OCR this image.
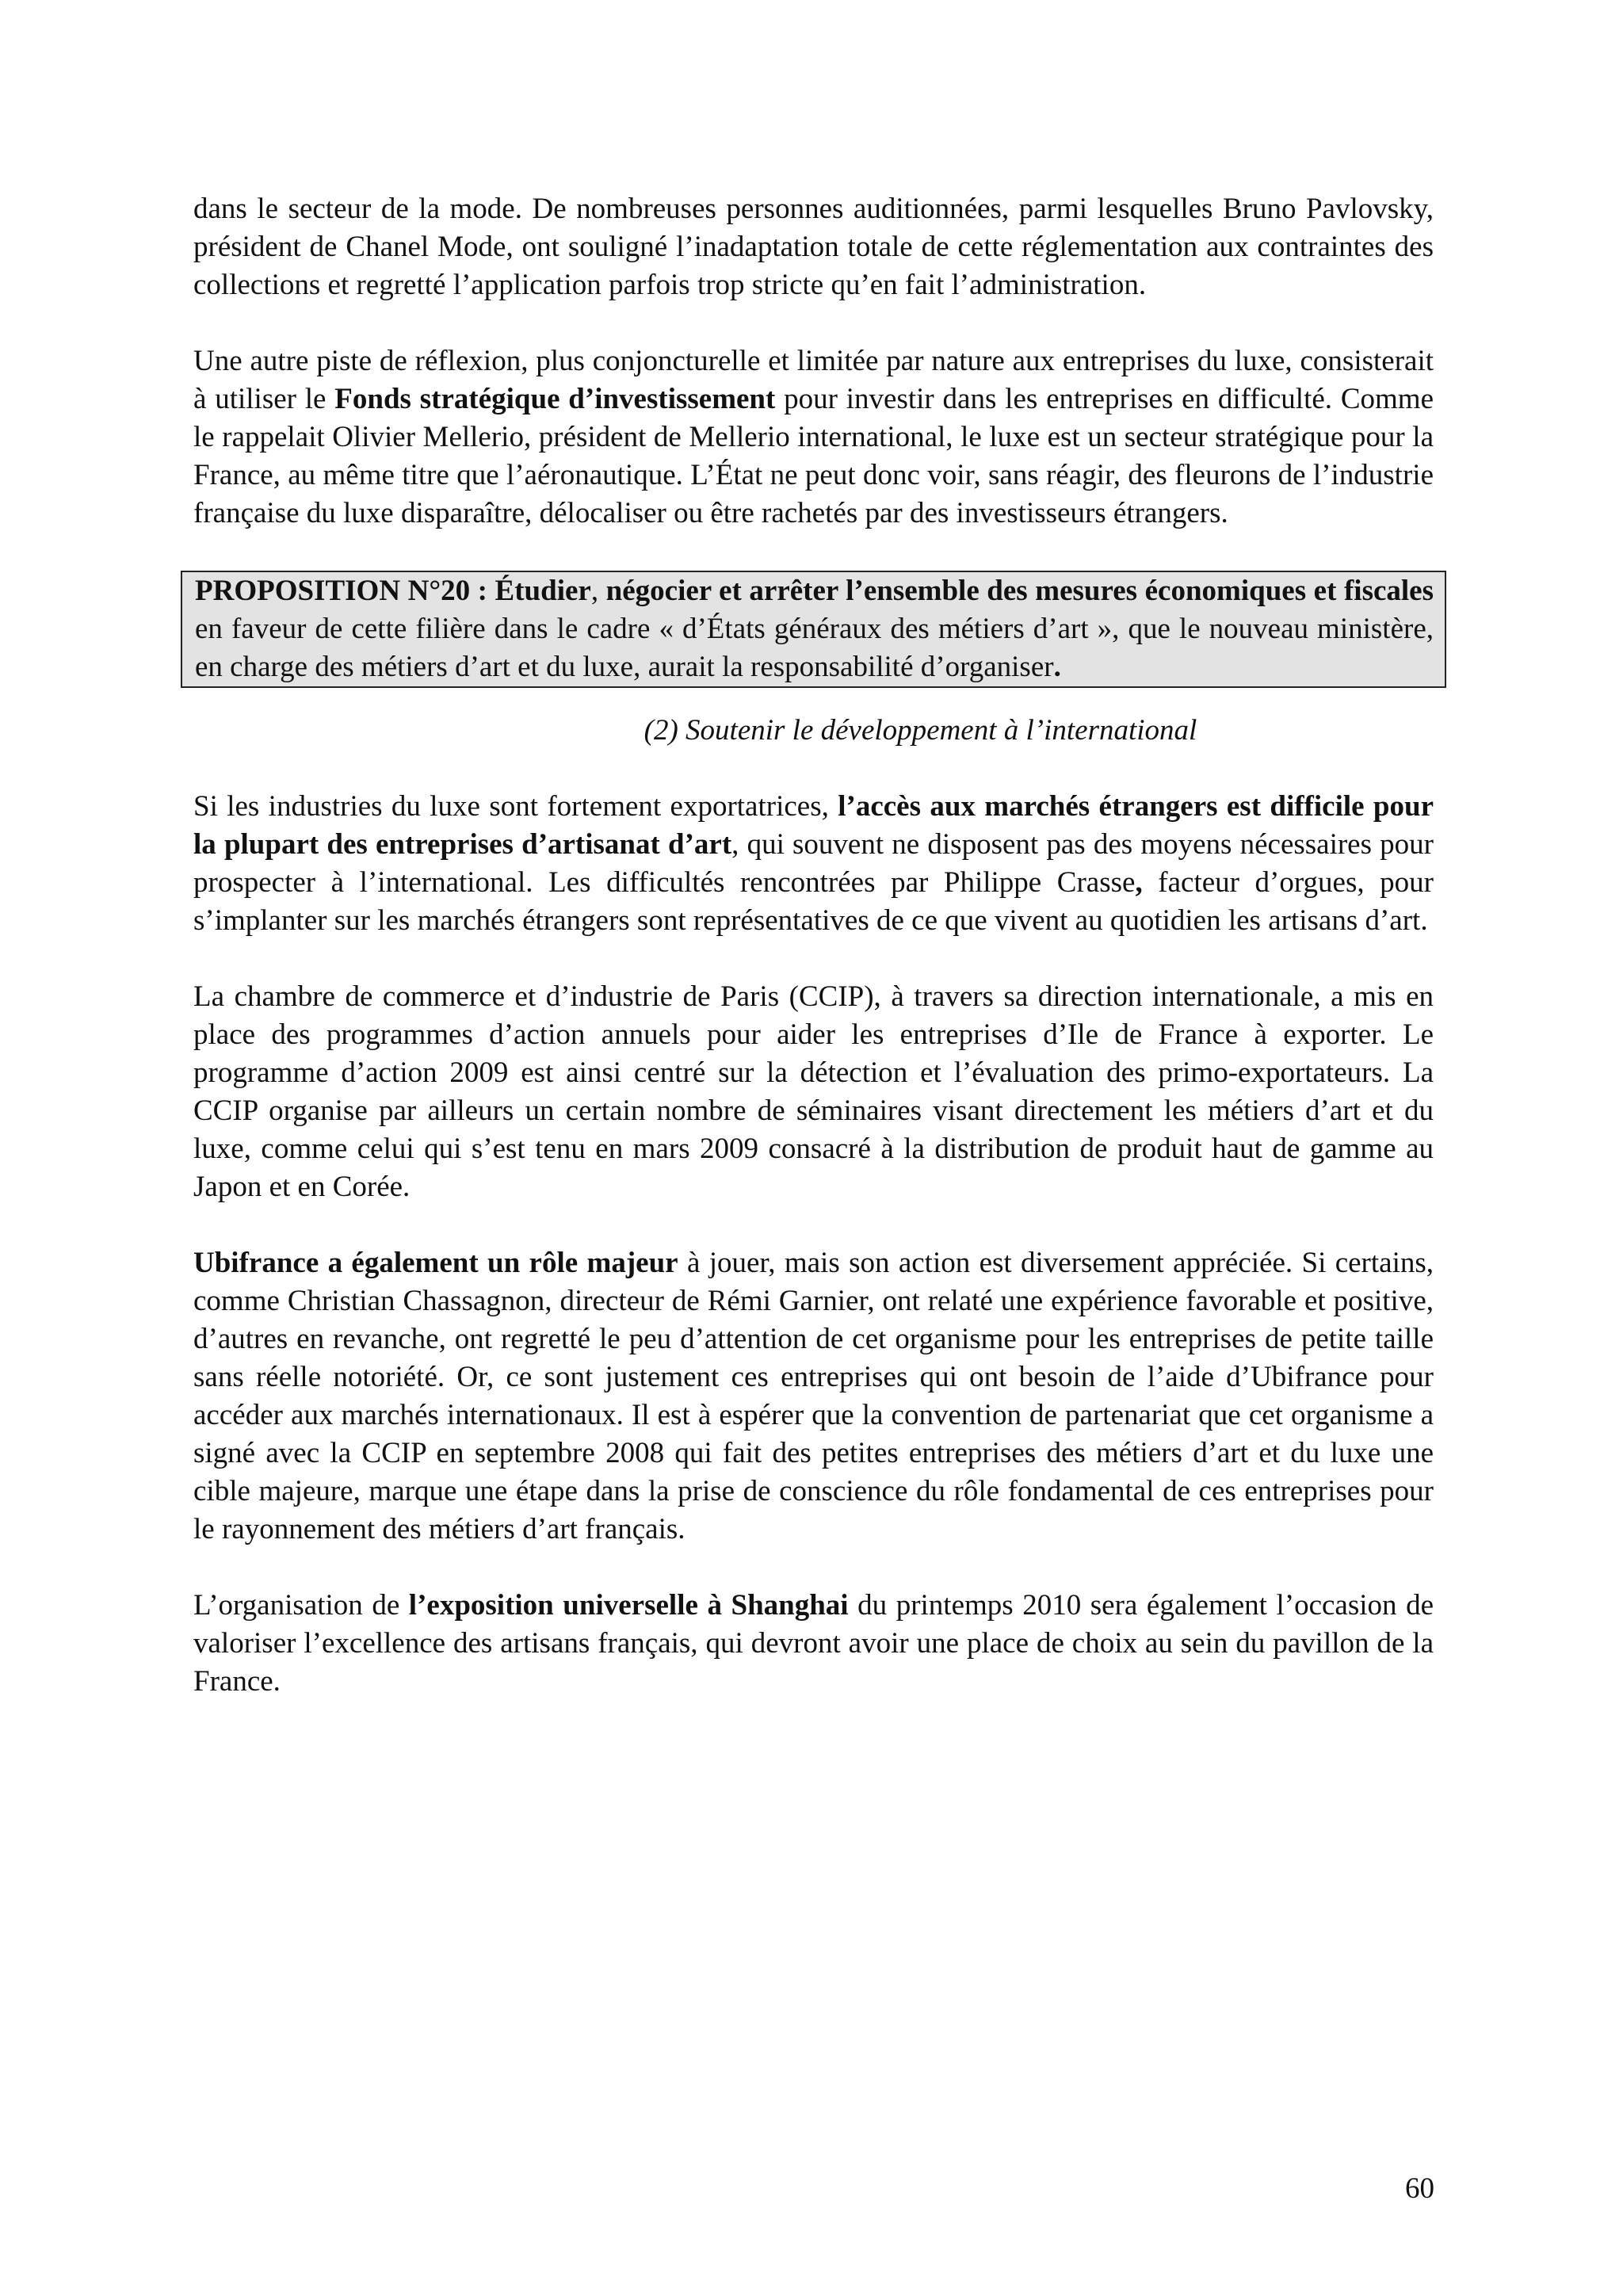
dans le secteur de la mode. De nombreuses personnes auditionnées, parmi lesquelles Bruno Pavlovsky, président de Chanel Mode, ont souligné l’inadaptation totale de cette réglementation aux contraintes des collections et regretté l’application parfois trop stricte qu’en fait l’administration.

Une autre piste de réflexion, plus conjoncturelle et limitée par nature aux entreprises du luxe, consisterait à utiliser le Fonds stratégique d’investissement pour investir dans les entreprises en difficulté. Comme le rappelait Olivier Mellerio, président de Mellerio international, le luxe est un secteur stratégique pour la France, au même titre que l’aéronautique. L’État ne peut donc voir, sans réagir, des fleurons de l’industrie française du luxe disparaître, délocaliser ou être rachetés par des investisseurs étrangers.

PROPOSITION N°20 : Étudier, négocier et arrêter l’ensemble des mesures économiques et fiscales en faveur de cette filière dans le cadre « d’États généraux des métiers d’art », que le nouveau ministère, en charge des métiers d’art et du luxe, aurait la responsabilité d’organiser.

(2) Soutenir le développement à l’international

Si les industries du luxe sont fortement exportatrices, l’accès aux marchés étrangers est difficile pour la plupart des entreprises d’artisanat d’art, qui souvent ne disposent pas des moyens nécessaires pour prospecter à l’international. Les difficultés rencontrées par Philippe Crasse, facteur d’orgues, pour s’implanter sur les marchés étrangers sont représentatives de ce que vivent au quotidien les artisans d’art.

La chambre de commerce et d’industrie de Paris (CCIP), à travers sa direction internationale, a mis en place des programmes d’action annuels pour aider les entreprises d’Ile de France à exporter. Le programme d’action 2009 est ainsi centré sur la détection et l’évaluation des primo-exportateurs. La CCIP organise par ailleurs un certain nombre de séminaires visant directement les métiers d’art et du luxe, comme celui qui s’est tenu en mars 2009 consacré à la distribution de produit haut de gamme au Japon et en Corée.

Ubifrance a également un rôle majeur à jouer, mais son action est diversement appréciée. Si certains, comme Christian Chassagnon, directeur de Rémi Garnier, ont relaté une expérience favorable et positive, d’autres en revanche, ont regretté le peu d’attention de cet organisme pour les entreprises de petite taille sans réelle notoriété. Or, ce sont justement ces entreprises qui ont besoin de l’aide d’Ubifrance pour accéder aux marchés internationaux. Il est à espérer que la convention de partenariat que cet organisme a signé avec la CCIP en septembre 2008 qui fait des petites entreprises des métiers d’art et du luxe une cible majeure, marque une étape dans la prise de conscience du rôle fondamental de ces entreprises pour le rayonnement des métiers d’art français.

L’organisation de l’exposition universelle à Shanghai du printemps 2010 sera également l’occasion de valoriser l’excellence des artisans français, qui devront avoir une place de choix au sein du pavillon de la France.

60
